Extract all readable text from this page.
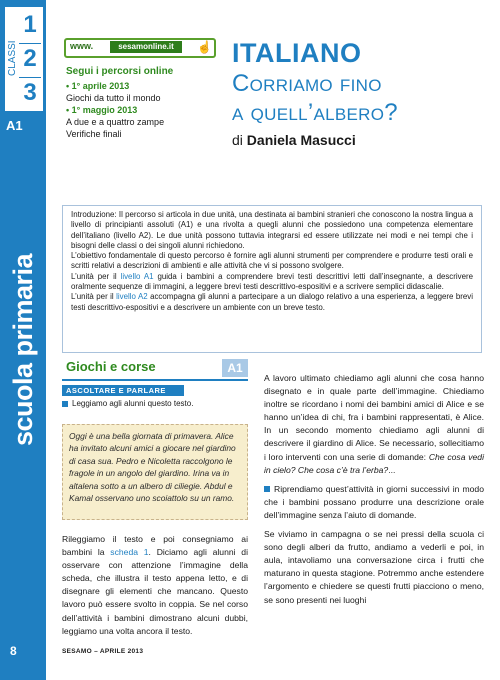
CLASSI
1
2
3
A1
scuola primaria
8
www.	sesamonline.it	☝
Segui i percorsi online
• 1° aprile 2013
Giochi da tutto il mondo
• 1° maggio 2013
A due e a quattro zampe
Verifiche finali
ITALIANO
Corriamo fino
a quell’albero?
di Daniela Masucci

Introduzione: Il percorso si articola in due unità, una destinata ai bambini stranieri che conoscono la nostra lingua a livello di principianti assoluti (A1) e una rivolta a quegli alunni che possiedono una competenza elementare dell’italiano (livello A2). Le due unità possono tuttavia integrarsi ed essere utilizzate nei modi e nei tempi che i bisogni delle classi o dei singoli alunni richiedono.

L’obiettivo fondamentale di questo percorso è fornire agli alunni strumenti per comprendere e produrre testi orali e scritti relativi a descrizioni di ambienti e alle attività che vi si possono svolgere.

L’unità per il livello A1 guida i bambini a comprendere brevi testi descrittivi letti dall’insegnante, a descrivere oralmente sequenze di immagini, a leggere brevi testi descrittivo-espositivi e a scrivere semplici didascalie.

L’unità per il livello A2 accompagna gli alunni a partecipare a un dialogo relativo a una esperienza, a leggere brevi testi descrittivo-espositivi e a descrivere un ambiente con un breve testo.

Giochi e corse	A1
ASCOLTARE E PARLARE
Leggiamo agli alunni questo testo.
Oggi è una bella giornata di primavera. Alice ha invitato alcuni amici a giocare nel giardino di casa sua. Pedro e Nicoletta raccolgono le fragole in un angolo del giardino. Irina va in altalena sotto a un albero di ciliegie. Abdul e Kamal osservano uno scoiattolo su un ramo.
Rileggiamo il testo e poi consegniamo ai bambini la scheda 1. Diciamo agli alunni di osservare con attenzione l’immagine della scheda, che illustra il testo appena letto, e di disegnare gli elementi che mancano. Questo lavoro può essere svolto in coppia. Se nel corso dell’attività i bambini dimostrano alcuni dubbi, leggiamo una volta ancora il testo.

A lavoro ultimato chiediamo agli alunni che cosa hanno disegnato e in quale parte dell’immagine. Chiediamo inoltre se ricordano i nomi dei bambini amici di Alice e se hanno un’idea di chi, fra i bambini rappresentati, è Alice. In un secondo momento chiediamo agli alunni di descrivere il giardino di Alice. Se necessario, sollecitiamo i loro interventi con una serie di domande: Che cosa vedi in cielo? Che cosa c’è tra l’erba?...

Riprendiamo quest’attività in giorni successivi in modo che i bambini possano produrre una descrizione orale dell’immagine senza l’aiuto di domande.

Se viviamo in campagna o se nei pressi della scuola ci sono degli alberi da frutto, andiamo a vederli e poi, in aula, intavoliamo una conversazione circa i frutti che maturano in questa stagione. Potremmo anche estendere l’argomento e chiedere se questi frutti piacciono o meno, se sono presenti nei luoghi

SESAMO – APRILE 2013
